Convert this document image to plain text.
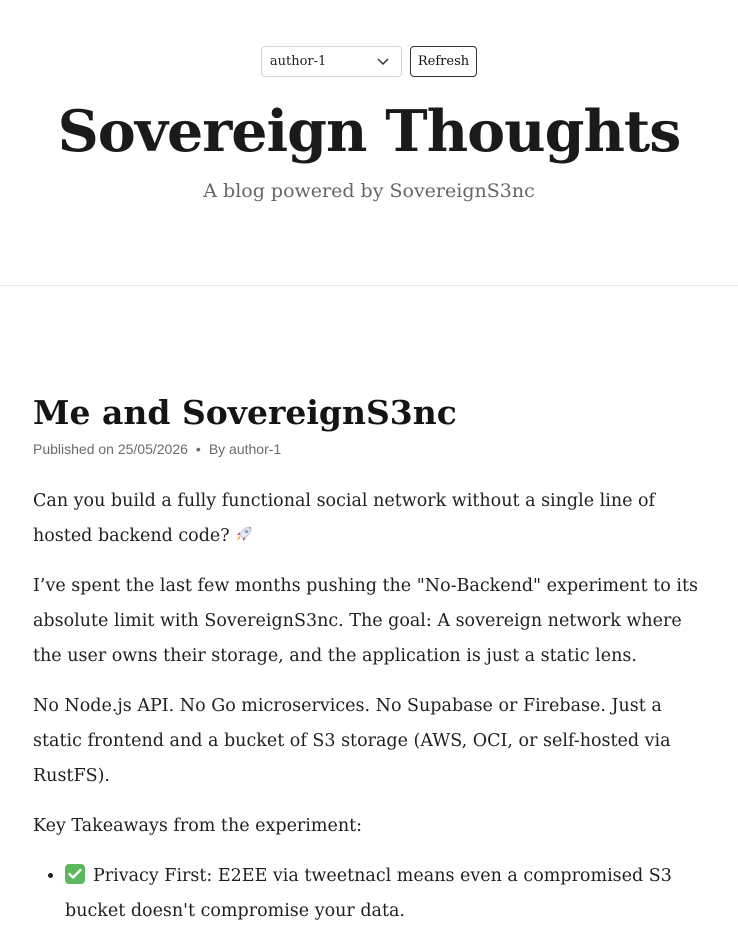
author-1	Refresh
Sovereign Thoughts

A blog powered by SovereignS3nc

Me and SovereignS3nc
Published on 25/05/2026 • By author-1

Can you build a fully functional social network without a single line of hosted backend code?

I’ve spent the last few months pushing the "No-Backend" experiment to its absolute limit with SovereignS3nc. The goal: A sovereign network where the user owns their storage, and the application is just a static lens.

No Node.js API. No Go microservices. No Supabase or Firebase. Just a static frontend and a bucket of S3 storage (AWS, OCI, or self-hosted via RustFS).

Key Takeaways from the experiment:

• Privacy First: E2EE via tweetnacl means even a compromised S3 bucket doesn't compromise your data.
